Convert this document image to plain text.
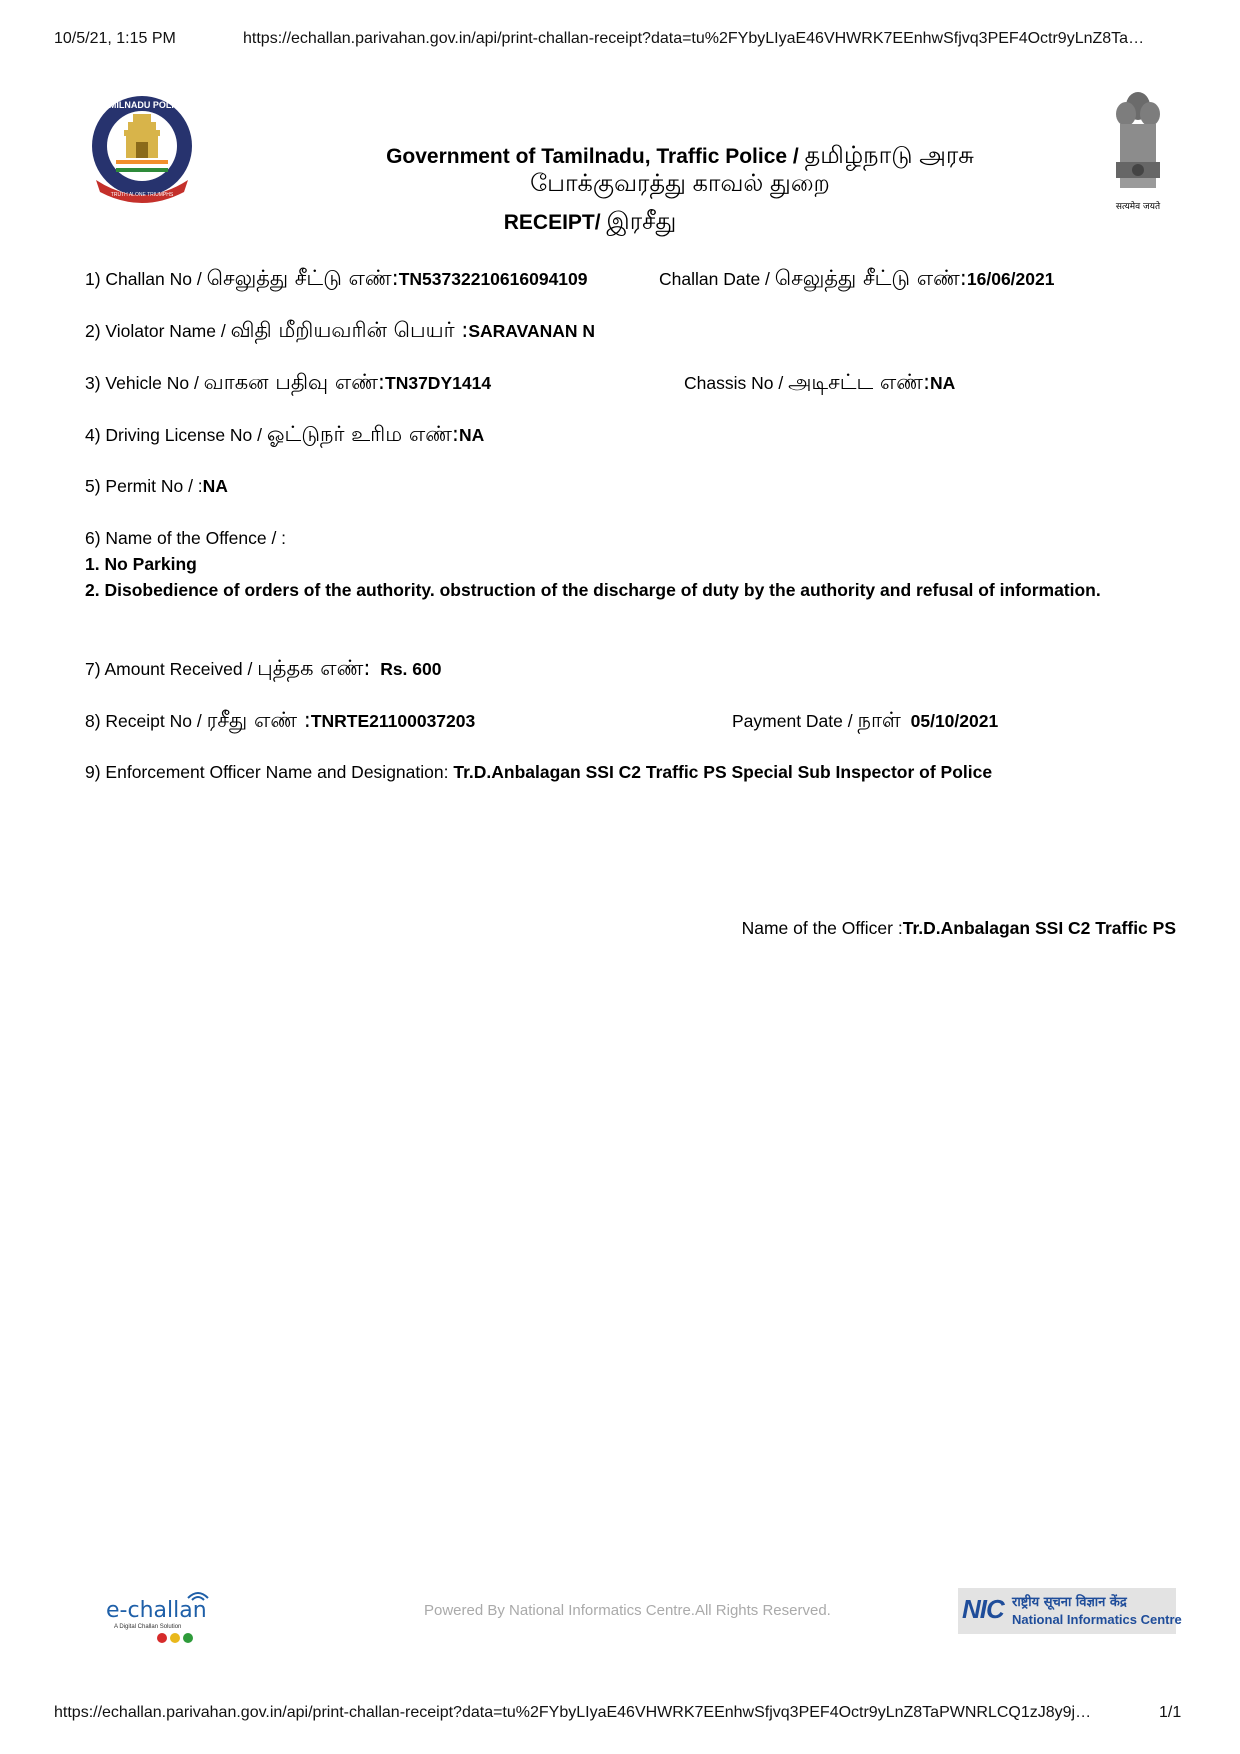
10/5/21, 1:15 PM	https://echallan.parivahan.gov.in/api/print-challan-receipt?data=tu%2FYbyLIyaE46VHWRK7EEnhwSfjvq3PEF4Octr9yLnZ8Ta…
TAMILNADU POLICE
TRUTH ALONE TRIUMPHS
सत्यमेव जयते
Government of Tamilnadu, Traffic Police / தமிழ்நாடு அரசு
போக்குவரத்து காவல் துறை
RECEIPT/ இரசீது
1) Challan No / செலுத்து சீட்டு எண்:TN53732210616094109	Challan Date / செலுத்து சீட்டு எண்:16/06/2021
2) Violator Name / விதி மீறியவரின் பெயர் :SARAVANAN N
3) Vehicle No / வாகன பதிவு எண்:TN37DY1414	Chassis No / அடிசட்ட எண்:NA
4) Driving License No / ஓட்டுநர் உரிம எண்:NA
5) Permit No / :NA
6) Name of the Offence / :
1. No Parking
2. Disobedience of orders of the authority. obstruction of the discharge of duty by the authority and refusal of information.
7) Amount Received / புத்தக எண்: Rs. 600
8) Receipt No / ரசீது எண் :TNRTE21100037203	Payment Date / நாள் 05/10/2021
9) Enforcement Officer Name and Designation: Tr.D.Anbalagan SSI C2 Traffic PS Special Sub Inspector of Police
Name of the Officer :Tr.D.Anbalagan SSI C2 Traffic PS
e-challan
A Digital Challan Solution
Powered By National Informatics Centre.All Rights Reserved.	NIC राष्ट्रीय सूचना विज्ञान केंद्र
National Informatics Centre
https://echallan.parivahan.gov.in/api/print-challan-receipt?data=tu%2FYbyLIyaE46VHWRK7EEnhwSfjvq3PEF4Octr9yLnZ8TaPWNRLCQ1zJ8y9j…	1/1
